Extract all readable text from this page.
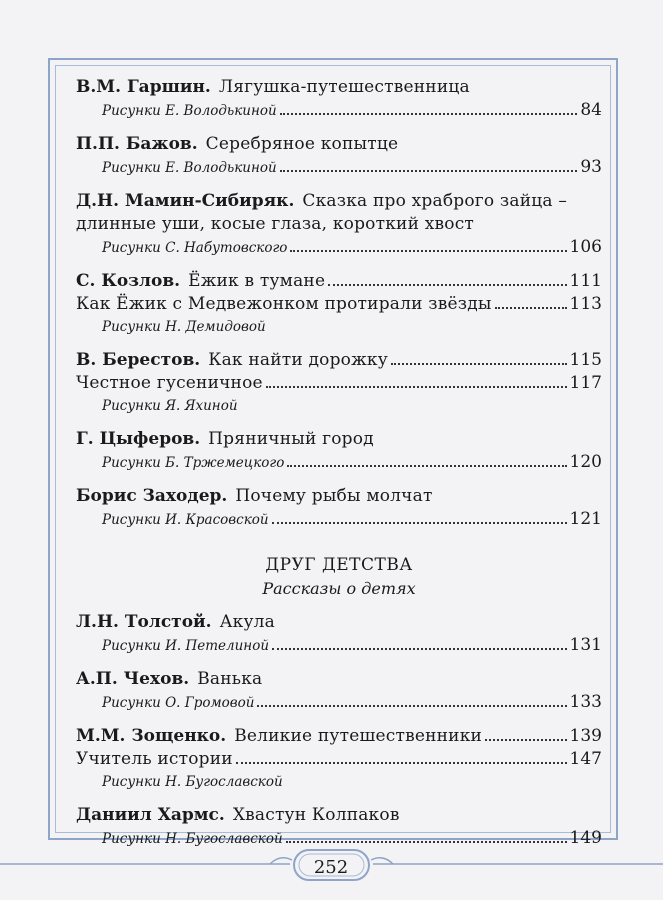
В.М. Гаршин. Лягушка-путешественница
Рисунки Е. Володькиной	84
П.П. Бажов. Серебряное копытце
Рисунки Е. Володькиной	93
Д.Н. Мамин-Сибиряк. Сказка про храброго зайца – длинные уши, косые глаза, короткий хвост
Рисунки С. Набутовского	106
С. Козлов. Ёжик в тумане	111
Как Ёжик с Медвежонком протирали звёзды	113
Рисунки Н. Демидовой
В. Берестов. Как найти дорожку	115
Честное гусеничное	117
Рисунки Я. Яхиной
Г. Цыферов. Пряничный город
Рисунки Б. Тржемецкого	120
Борис Заходер. Почему рыбы молчат
Рисунки И. Красовской	121
ДРУГ ДЕТСТВА
Рассказы о детях
Л.Н. Толстой. Акула
Рисунки И. Петелиной	131
А.П. Чехов. Ванька
Рисунки О. Громовой	133
М.М. Зощенко. Великие путешественники	139
Учитель истории	147
Рисунки Н. Бугославской
Даниил Хармс. Хвастун Колпаков
Рисунки Н. Бугославской	149
252
